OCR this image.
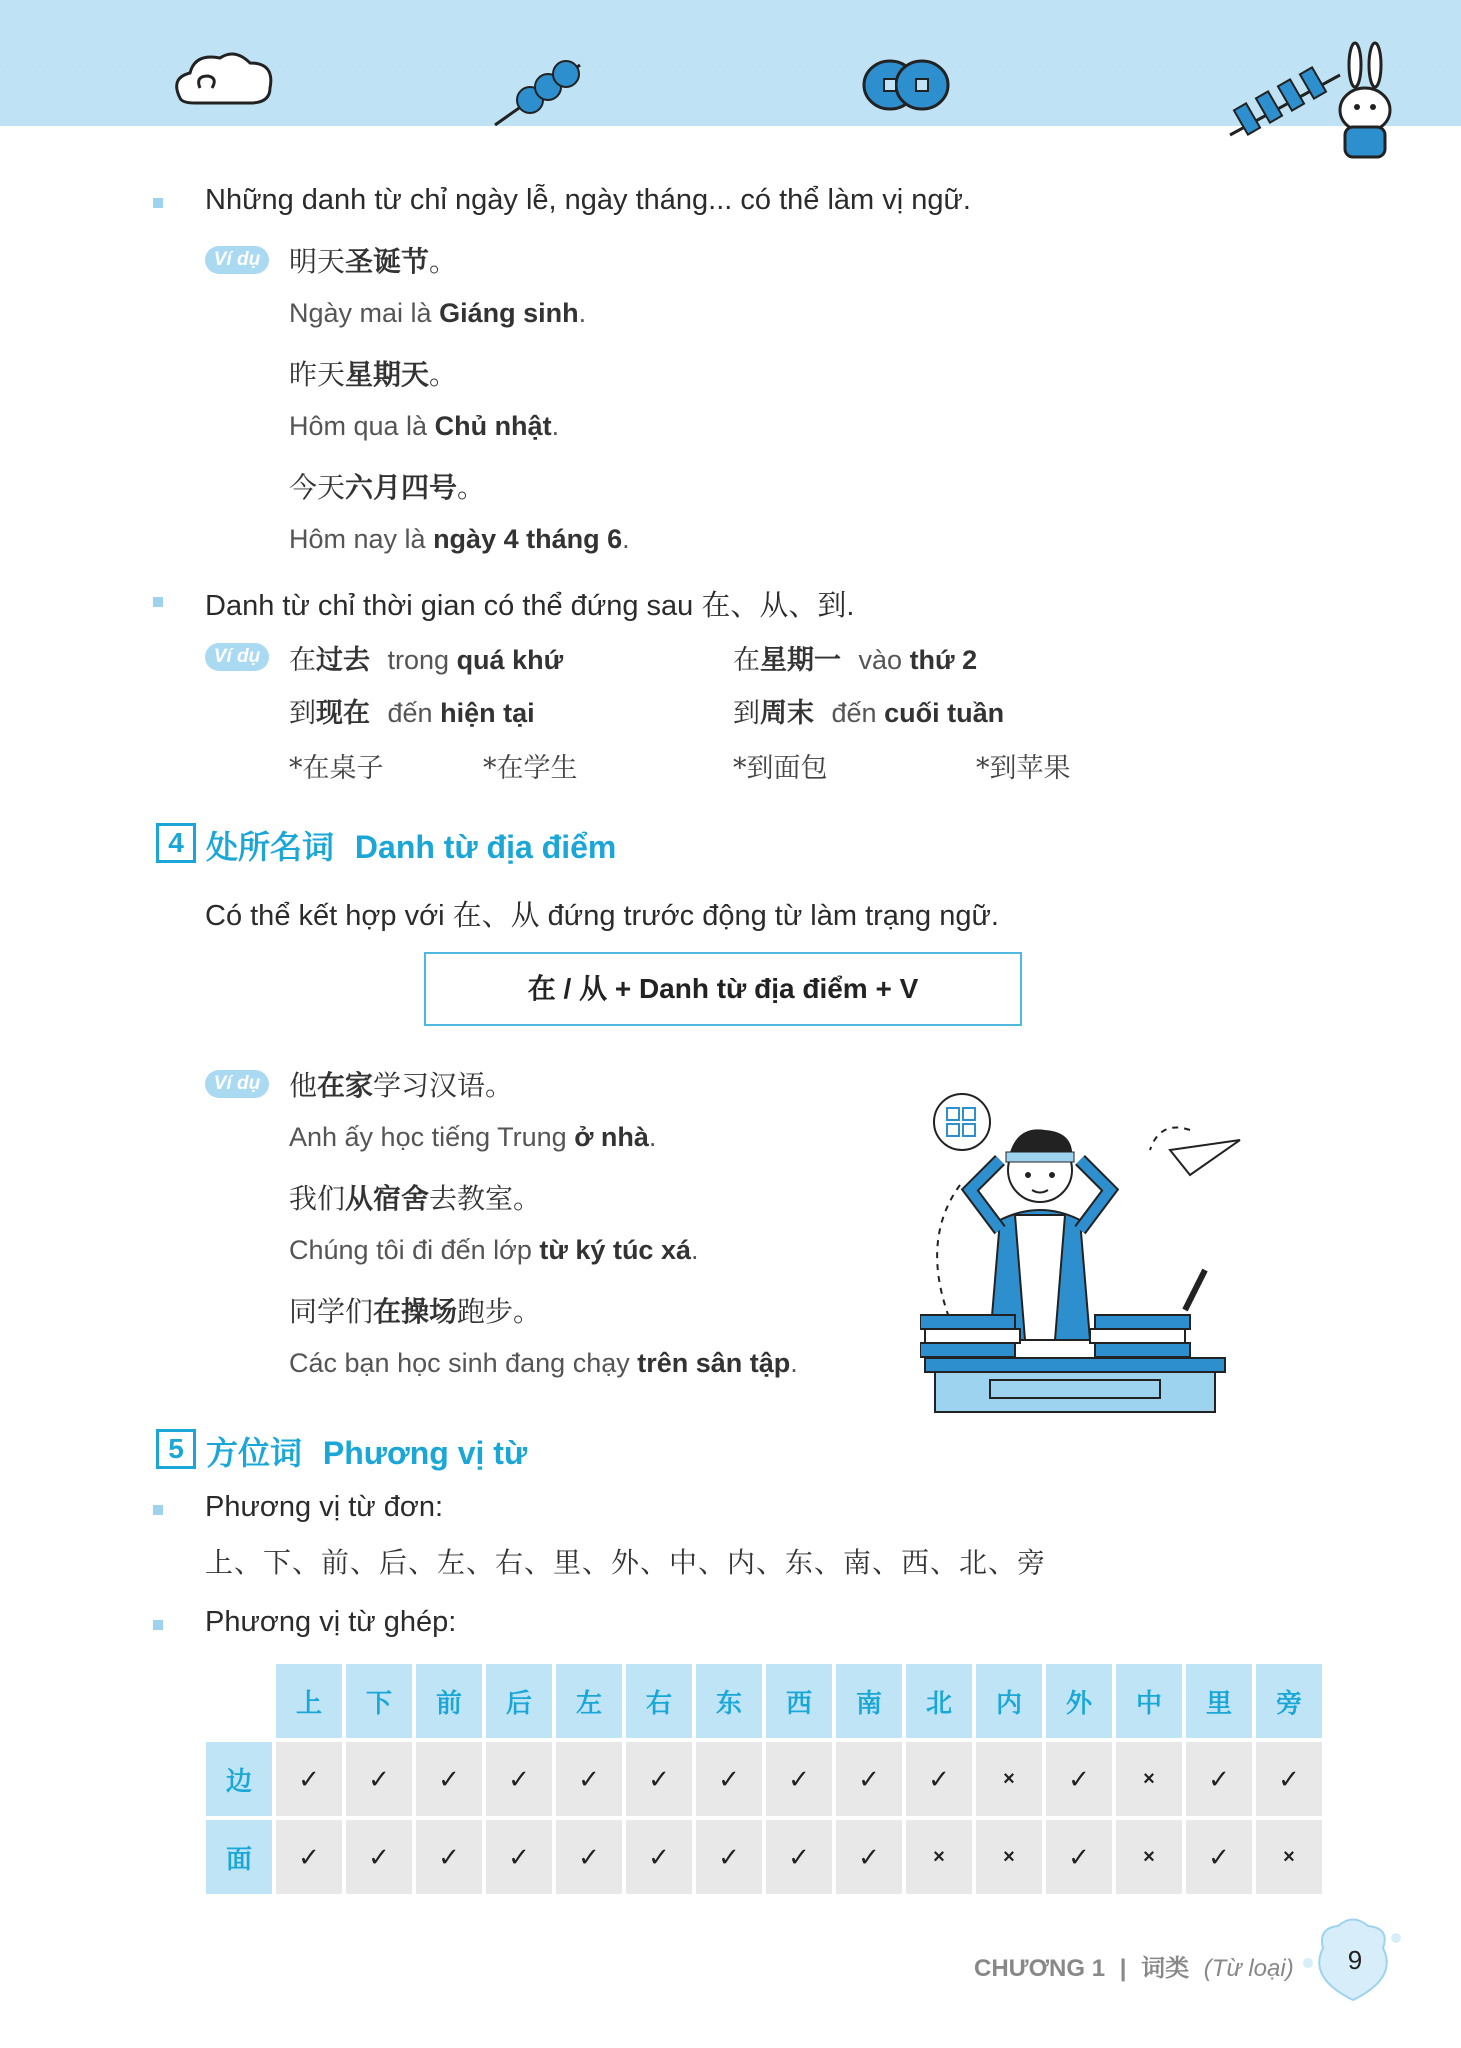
Những danh từ chỉ ngày lễ, ngày tháng... có thể làm vị ngữ.
Ví dụ	明天圣诞节。
Ngày mai là Giáng sinh.
昨天星期天。
Hôm qua là Chủ nhật.
今天六月四号。
Hôm nay là ngày 4 tháng 6.
Danh từ chỉ thời gian có thể đứng sau 在、从、到.
Ví dụ	在过去 trong quá khứ	在星期一 vào thứ 2
到现在 đến hiện tại	到周末 đến cuối tuần
*在桌子	*在学生	*到面包	*到苹果
4 处所名词 Danh từ địa điểm
Có thể kết hợp với 在、从 đứng trước động từ làm trạng ngữ.
在 / 从 + Danh từ địa điểm + V
Ví dụ	他在家学习汉语。
Anh ấy học tiếng Trung ở nhà.
我们从宿舍去教室。
Chúng tôi đi đến lớp từ ký túc xá.
同学们在操场跑步。
Các bạn học sinh đang chạy trên sân tập.
5 方位词 Phương vị từ
Phương vị từ đơn:
上、下、前、后、左、右、里、外、中、内、东、南、西、北、旁
Phương vị từ ghép:
	上	下	前	后	左	右	东	西	南	北	内	外	中	里	旁
边	✓	✓	✓	✓	✓	✓	✓	✓	✓	✓	×	✓	×	✓	✓
面	✓	✓	✓	✓	✓	✓	✓	✓	✓	×	×	✓	×	✓	×
CHƯƠNG 1 | 词类 (Từ loại)	9
